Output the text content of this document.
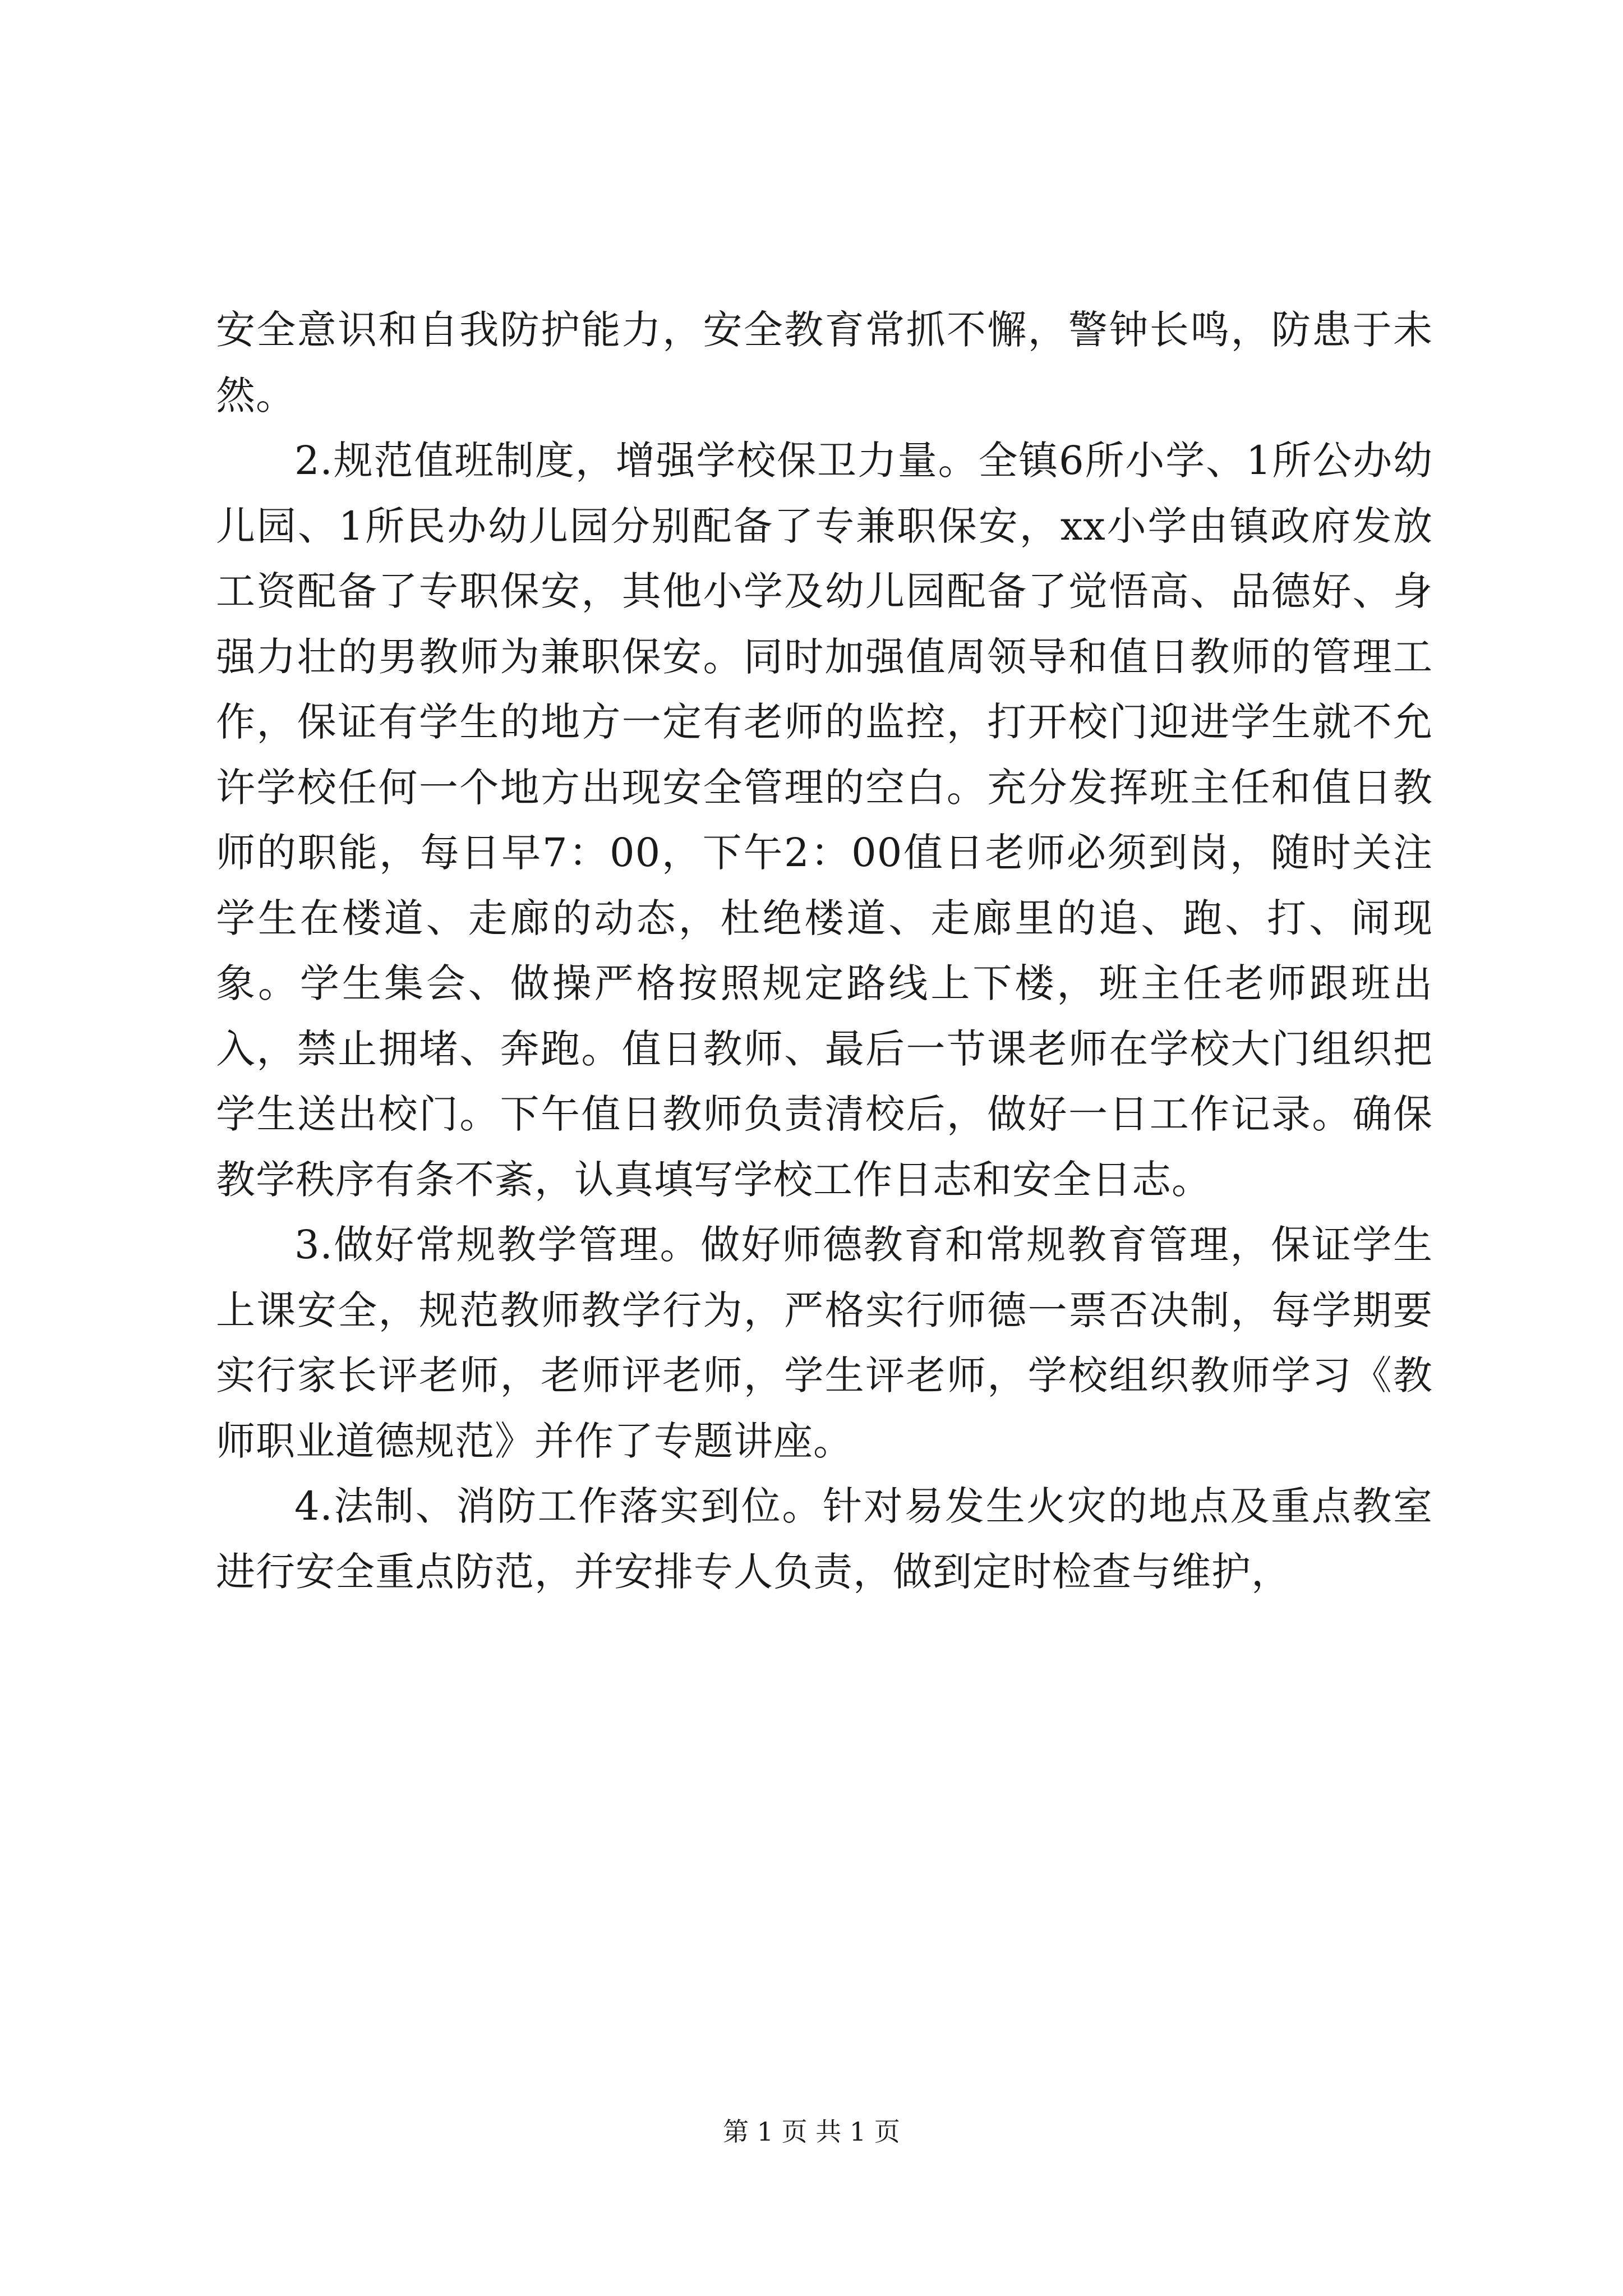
安全意识和自我防护能力，安全教育常抓不懈，警钟长鸣，防患于未然。

2.规范值班制度，增强学校保卫力量。全镇6所小学、1所公办幼儿园、1所民办幼儿园分别配备了专兼职保安，xx小学由镇政府发放工资配备了专职保安，其他小学及幼儿园配备了觉悟高、品德好、身强力壮的男教师为兼职保安。同时加强值周领导和值日教师的管理工作，保证有学生的地方一定有老师的监控，打开校门迎进学生就不允许学校任何一个地方出现安全管理的空白。充分发挥班主任和值日教师的职能，每日早7：00，下午2：00值日老师必须到岗，随时关注学生在楼道、走廊的动态，杜绝楼道、走廊里的追、跑、打、闹现象。学生集会、做操严格按照规定路线上下楼，班主任老师跟班出入，禁止拥堵、奔跑。值日教师、最后一节课老师在学校大门组织把学生送出校门。下午值日教师负责清校后，做好一日工作记录。确保教学秩序有条不紊，认真填写学校工作日志和安全日志。

3.做好常规教学管理。做好师德教育和常规教育管理，保证学生上课安全，规范教师教学行为，严格实行师德一票否决制，每学期要实行家长评老师，老师评老师，学生评老师，学校组织教师学习《教师职业道德规范》并作了专题讲座。

4.法制、消防工作落实到位。针对易发生火灾的地点及重点教室进行安全重点防范，并安排专人负责，做到定时检查与维护，

第 1 页 共 1 页
